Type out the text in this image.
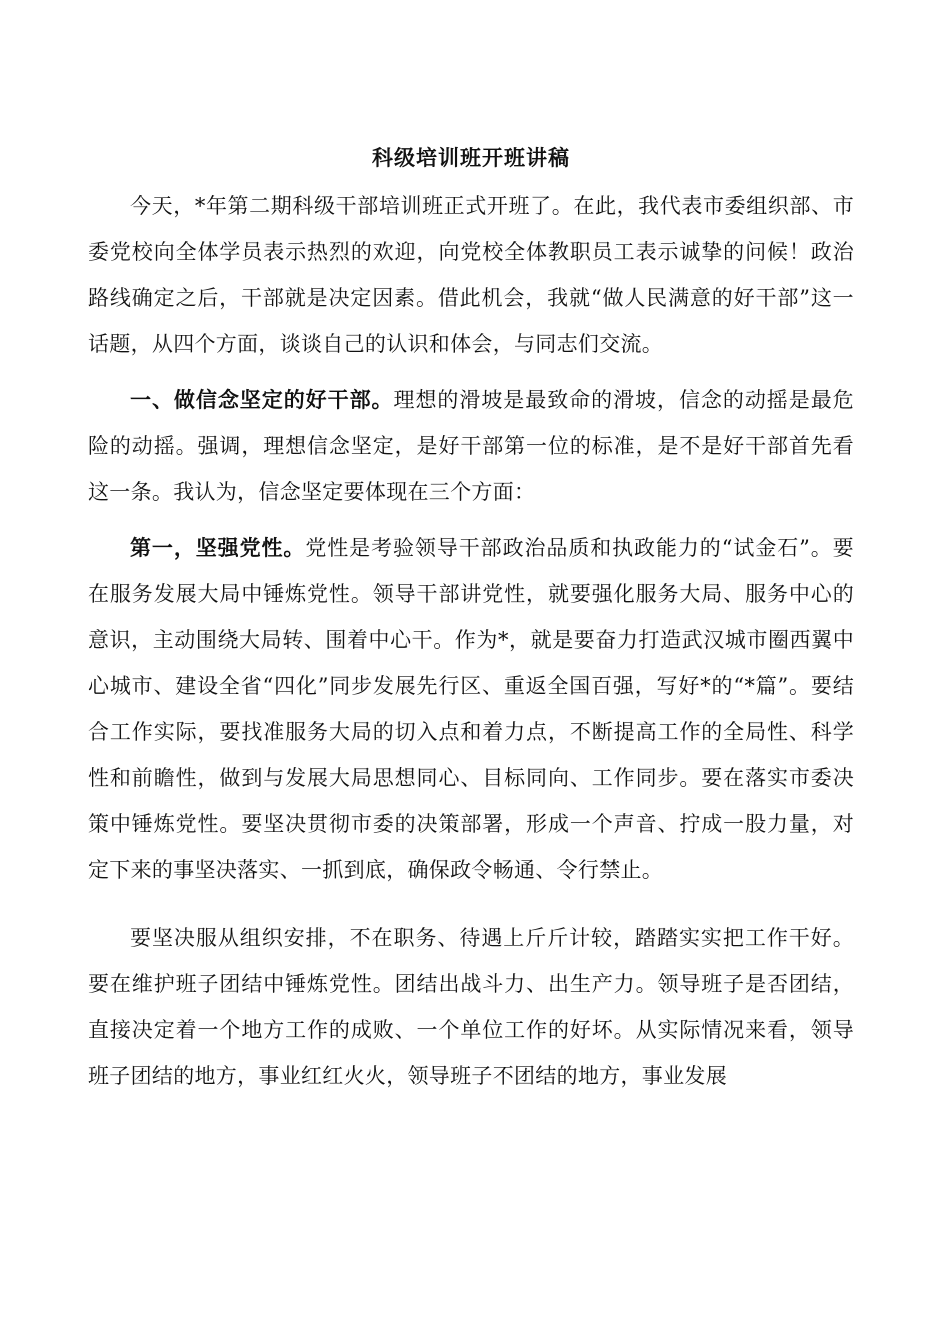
科级培训班开班讲稿

今天，*年第二期科级干部培训班正式开班了。在此，我代表市委组织部、市委党校向全体学员表示热烈的欢迎，向党校全体教职员工表示诚挚的问候！政治路线确定之后，干部就是决定因素。借此机会，我就“做人民满意的好干部”这一话题，从四个方面，谈谈自己的认识和体会，与同志们交流。

一、做信念坚定的好干部。理想的滑坡是最致命的滑坡，信念的动摇是最危险的动摇。强调，理想信念坚定，是好干部第一位的标准，是不是好干部首先看这一条。我认为，信念坚定要体现在三个方面：

第一，坚强党性。党性是考验领导干部政治品质和执政能力的“试金石”。要在服务发展大局中锤炼党性。领导干部讲党性，就要强化服务大局、服务中心的意识，主动围绕大局转、围着中心干。作为*，就是要奋力打造武汉城市圈西翼中心城市、建设全省“四化”同步发展先行区、重返全国百强，写好*的“*篇”。要结合工作实际，要找准服务大局的切入点和着力点，不断提高工作的全局性、科学性和前瞻性，做到与发展大局思想同心、目标同向、工作同步。要在落实市委决策中锤炼党性。要坚决贯彻市委的决策部署，形成一个声音、拧成一股力量，对定下来的事坚决落实、一抓到底，确保政令畅通、令行禁止。

要坚决服从组织安排，不在职务、待遇上斤斤计较，踏踏实实把工作干好。要在维护班子团结中锤炼党性。团结出战斗力、出生产力。领导班子是否团结，直接决定着一个地方工作的成败、一个单位工作的好坏。从实际情况来看，领导班子团结的地方，事业红红火火，领导班子不团结的地方，事业发展
